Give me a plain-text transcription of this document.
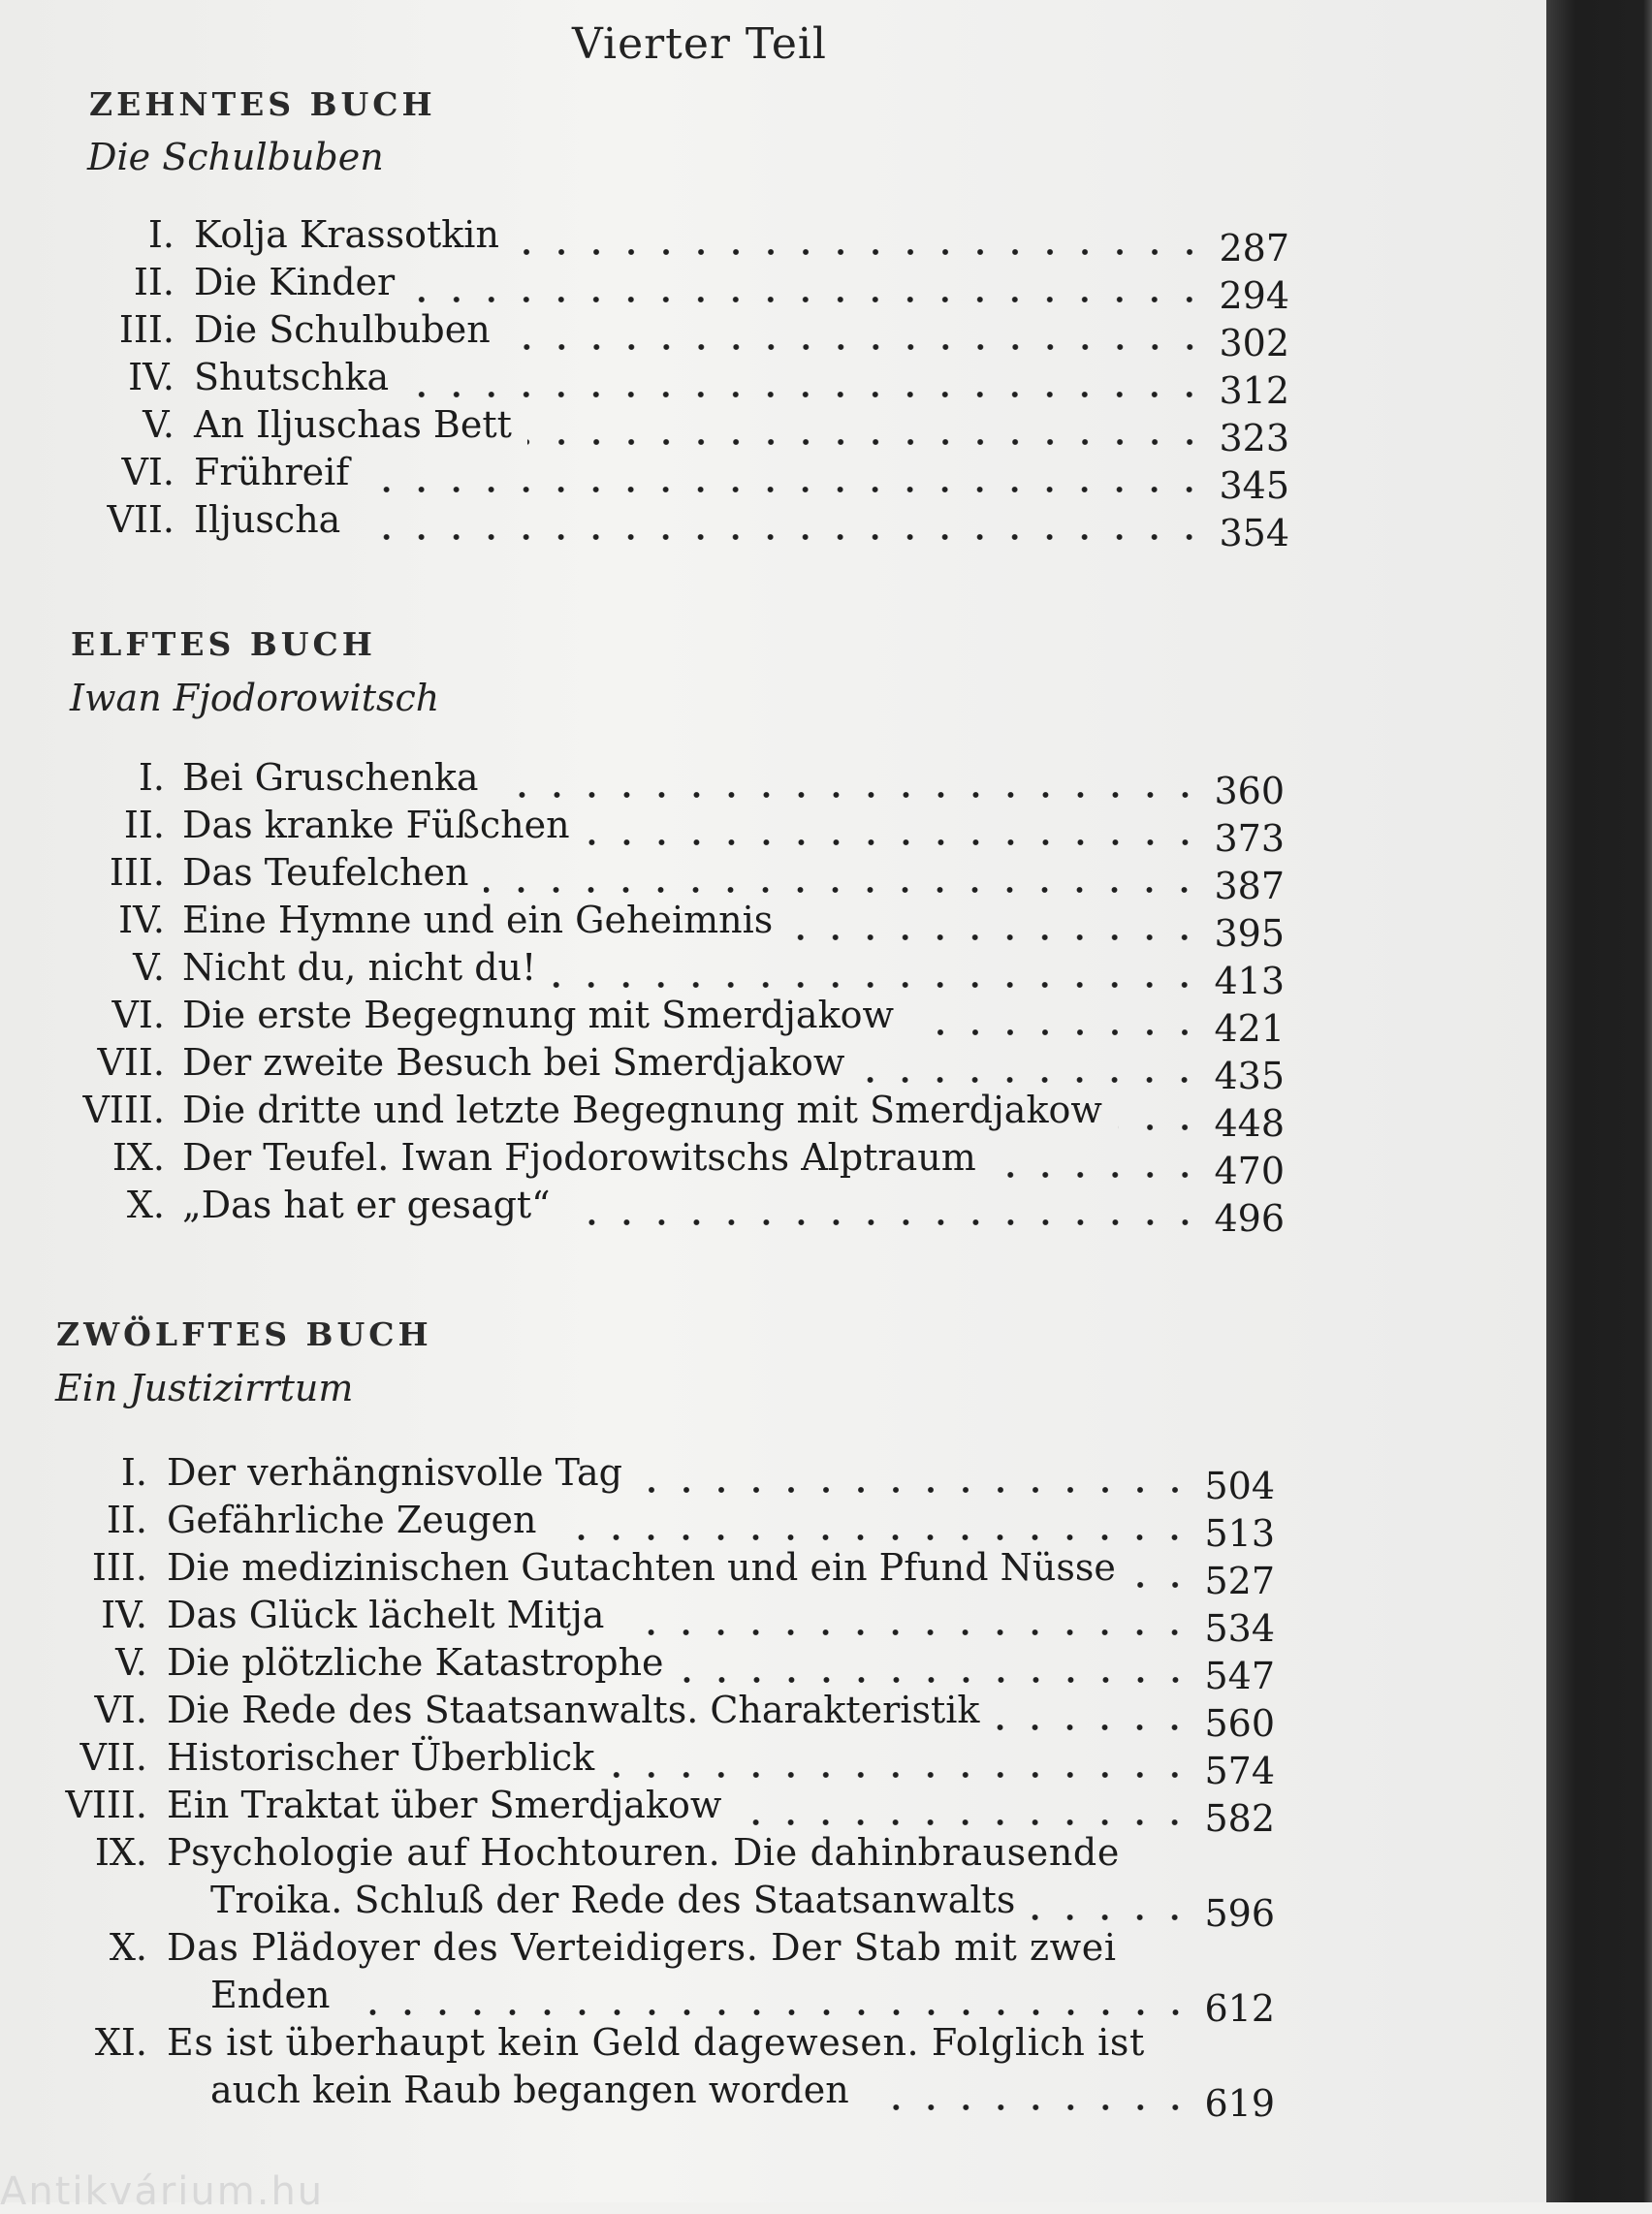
Vierter Teil
ZEHNTES BUCH
Die Schulbuben
I. Kolja Krassotkin	287
II. Die Kinder	294
III. Die Schulbuben	302
IV. Shutschka	312
V. An Iljuschas Bett	323
VI. Frühreif	345
VII. Iljuscha	354
ELFTES BUCH
Iwan Fjodorowitsch
I. Bei Gruschenka	360
II. Das kranke Füßchen	373
III. Das Teufelchen	387
IV. Eine Hymne und ein Geheimnis	395
V. Nicht du, nicht du!	413
VI. Die erste Begegnung mit Smerdjakow	421
VII. Der zweite Besuch bei Smerdjakow	435
VIII. Die dritte und letzte Begegnung mit Smerdjakow	448
IX. Der Teufel. Iwan Fjodorowitschs Alptraum	470
X. „Das hat er gesagt“	496
ZWÖLFTES BUCH
Ein Justizirrtum
I. Der verhängnisvolle Tag	504
II. Gefährliche Zeugen	513
III. Die medizinischen Gutachten und ein Pfund Nüsse 527
IV. Das Glück lächelt Mitja	534
V. Die plötzliche Katastrophe	547
VI. Die Rede des Staatsanwalts. Charakteristik	560
VII. Historischer Überblick	574
VIII. Ein Traktat über Smerdjakow	582
IX. Psychologie auf Hochtouren. Die dahinbrausende
Troika. Schluß der Rede des Staatsanwalts	596
X. Das Plädoyer des Verteidigers. Der Stab mit zwei
Enden	612
XI. Es ist überhaupt kein Geld dagewesen. Folglich ist
auch kein Raub begangen worden	619
Antikvárium.hu
